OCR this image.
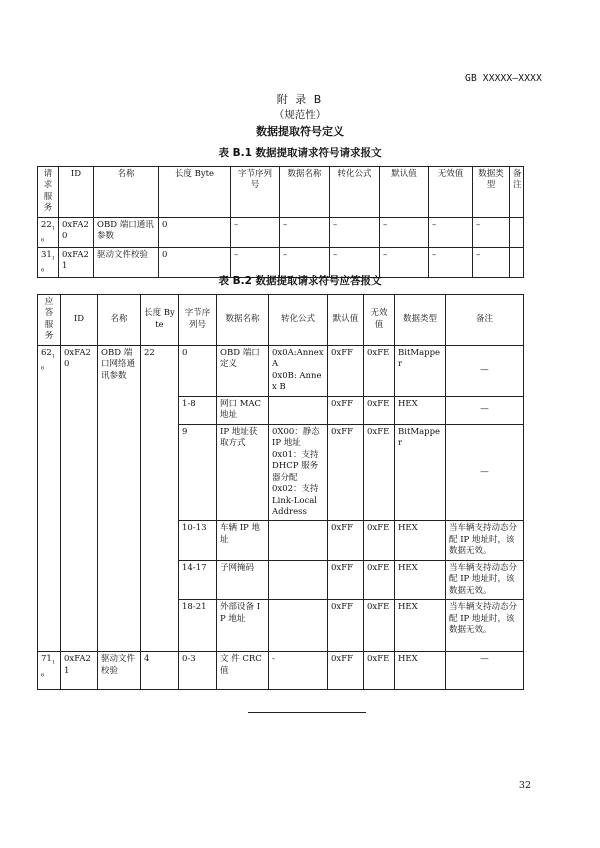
GB XXXXX—XXXX
附 录 B
（规范性）
数据提取符号定义
表 B.1 数据提取请求符号请求报文
请求服务	ID	名称	长度 Byte	字节序列号	数据名称	转化公式	默认值	无效值	数据类型	备注
$22_{16}$	0xFA20	OBD 端口通讯参数	0	–	–	–	–	–	–	
$31_{16}$	0xFA21	驱动文件校验	0	–	–	–	–	–	–	
表 B.2 数据提取请求符号应答报文
应答服务	ID	名称	长度 Byte	字节序列号	数据名称	转化公式	默认值	无效值	数据类型	备注
$62_{16}$	0xFA20	OBD 端口网络通讯参数	22	0	OBD 端口定义	0x0A:Annex A
0x0B: Annex B	0xFF	0xFE	BitMapper	—
				1-8	网口 MAC 地址		0xFF	0xFE	HEX	—
				9	IP 地址获取方式	0X00：静态 IP 地址
0x01：支持 DHCP 服务器分配
0x02：支持 Link-Local Address	0xFF	0xFE	BitMapper	—
				10-13	车辆 IP 地址		0xFF	0xFE	HEX	当车辆支持动态分配 IP 地址时，该数据无效。
				14-17	子网掩码		0xFF	0xFE	HEX	当车辆支持动态分配 IP 地址时，该数据无效。
				18-21	外部设备 IP 地址		0xFF	0xFE	HEX	当车辆支持动态分配 IP 地址时，该数据无效。
$71_{16}$	0xFA21	驱动文件校验	4	0-3	文 件 CRC 值	-	0xFF	0xFE	HEX	—
32
